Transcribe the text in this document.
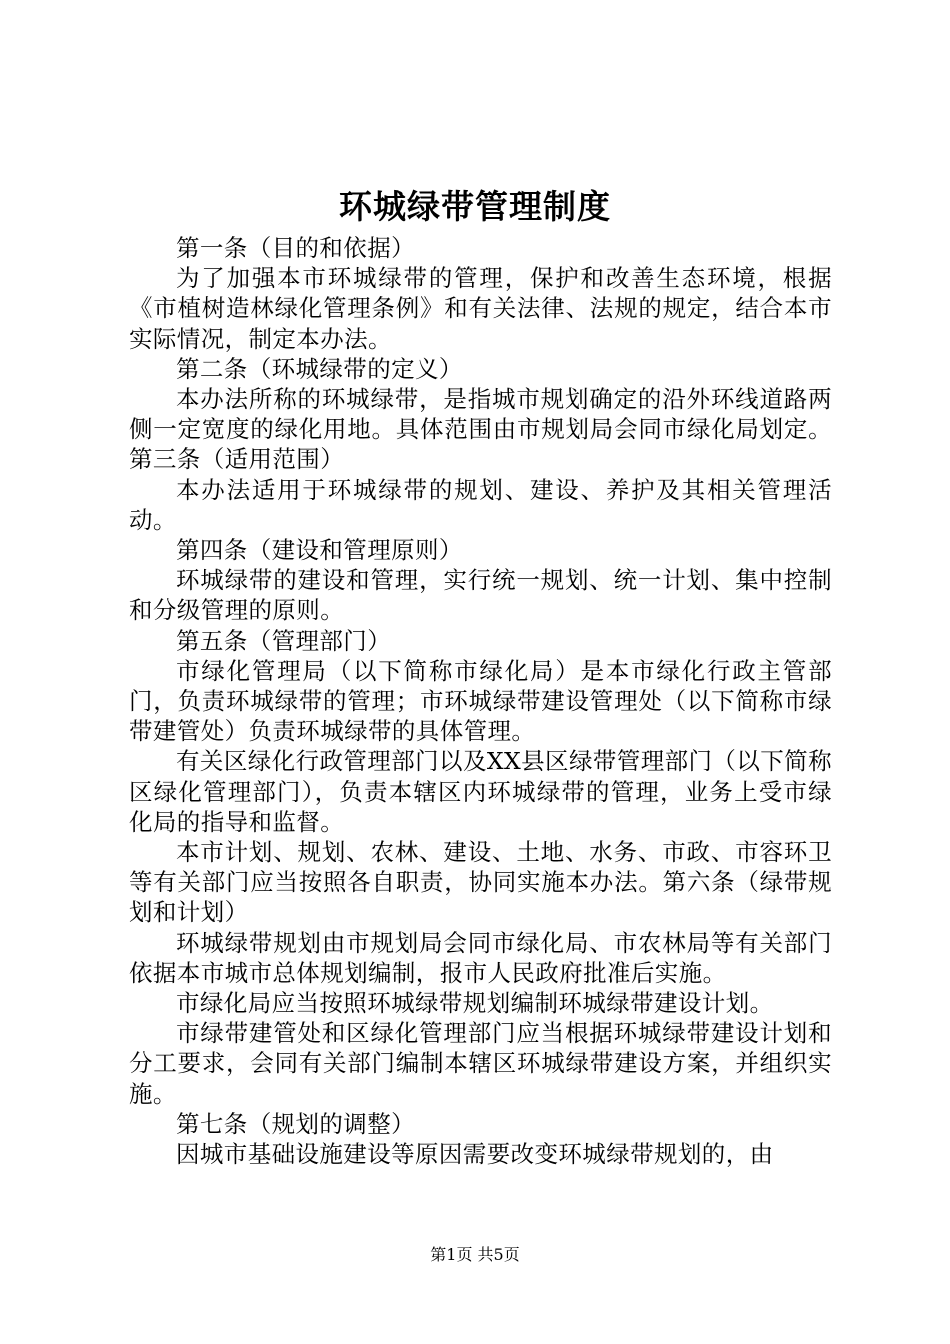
环城绿带管理制度

第一条（目的和依据）

为了加强本市环城绿带的管理，保护和改善生态环境，根据《市植树造林绿化管理条例》和有关法律、法规的规定，结合本市实际情况，制定本办法。

第二条（环城绿带的定义）

本办法所称的环城绿带，是指城市规划确定的沿外环线道路两侧一定宽度的绿化用地。具体范围由市规划局会同市绿化局划定。第三条（适用范围）

本办法适用于环城绿带的规划、建设、养护及其相关管理活动。

第四条（建设和管理原则）

环城绿带的建设和管理，实行统一规划、统一计划、集中控制和分级管理的原则。

第五条（管理部门）

市绿化管理局（以下简称市绿化局）是本市绿化行政主管部门，负责环城绿带的管理；市环城绿带建设管理处（以下简称市绿带建管处）负责环城绿带的具体管理。

有关区绿化行政管理部门以及XX县区绿带管理部门（以下简称区绿化管理部门），负责本辖区内环城绿带的管理，业务上受市绿化局的指导和监督。

本市计划、规划、农林、建设、土地、水务、市政、市容环卫等有关部门应当按照各自职责，协同实施本办法。第六条（绿带规划和计划）

环城绿带规划由市规划局会同市绿化局、市农林局等有关部门依据本市城市总体规划编制，报市人民政府批准后实施。

市绿化局应当按照环城绿带规划编制环城绿带建设计划。

市绿带建管处和区绿化管理部门应当根据环城绿带建设计划和分工要求，会同有关部门编制本辖区环城绿带建设方案，并组织实施。

第七条（规划的调整）

因城市基础设施建设等原因需要改变环城绿带规划的，由

第1页 共5页
